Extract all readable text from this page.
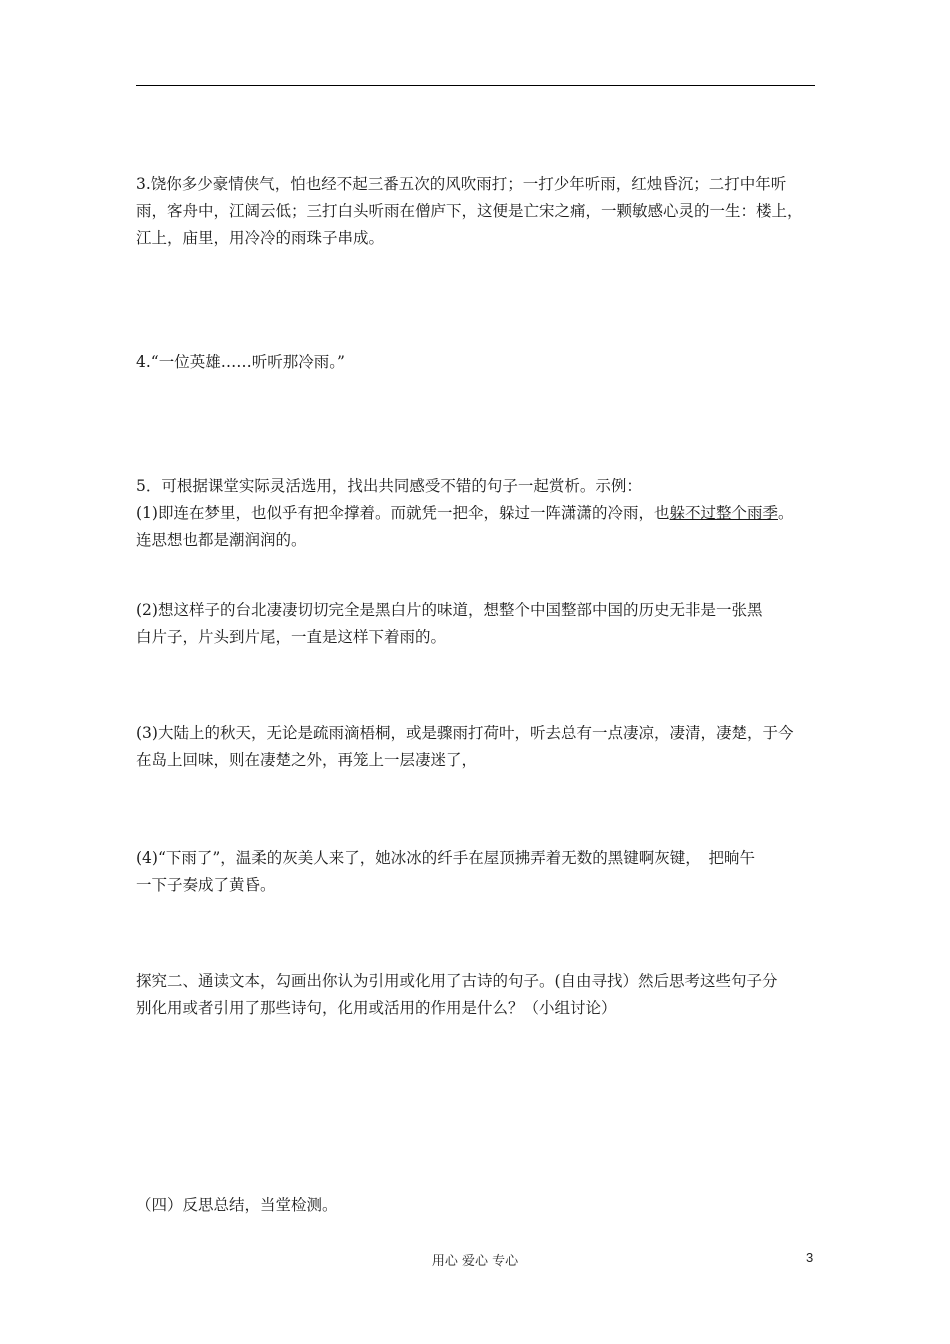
3.饶你多少豪情侠气，怕也经不起三番五次的风吹雨打；一打少年听雨，红烛昏沉；二打中年听
雨，客舟中，江阔云低；三打白头听雨在僧庐下，这便是亡宋之痛，一颗敏感心灵的一生：楼上，
江上，庙里，用冷冷的雨珠子串成。
4.“一位英雄……听听那冷雨。”
5．可根据课堂实际灵活选用，找出共同感受不错的句子一起赏析。示例：
(1)即连在梦里，也似乎有把伞撑着。而就凭一把伞，躲过一阵潇潇的冷雨，也躲不过整个雨季。
连思想也都是潮润润的。
(2)想这样子的台北凄凄切切完全是黑白片的味道，想整个中国整部中国的历史无非是一张黑
白片子，片头到片尾，一直是这样下着雨的。
(3)大陆上的秋天，无论是疏雨滴梧桐，或是骤雨打荷叶，听去总有一点凄凉，凄清，凄楚，于今
在岛上回味，则在凄楚之外，再笼上一层凄迷了，
(4)“下雨了”，温柔的灰美人来了，她冰冰的纤手在屋顶拂弄着无数的黑键啊灰键，　把晌午
一下子奏成了黄昏。
探究二、通读文本，勾画出你认为引用或化用了古诗的句子。(自由寻找）然后思考这些句子分
别化用或者引用了那些诗句，化用或活用的作用是什么？（小组讨论）
（四）反思总结，当堂检测。
用心 爱心 专心	3
